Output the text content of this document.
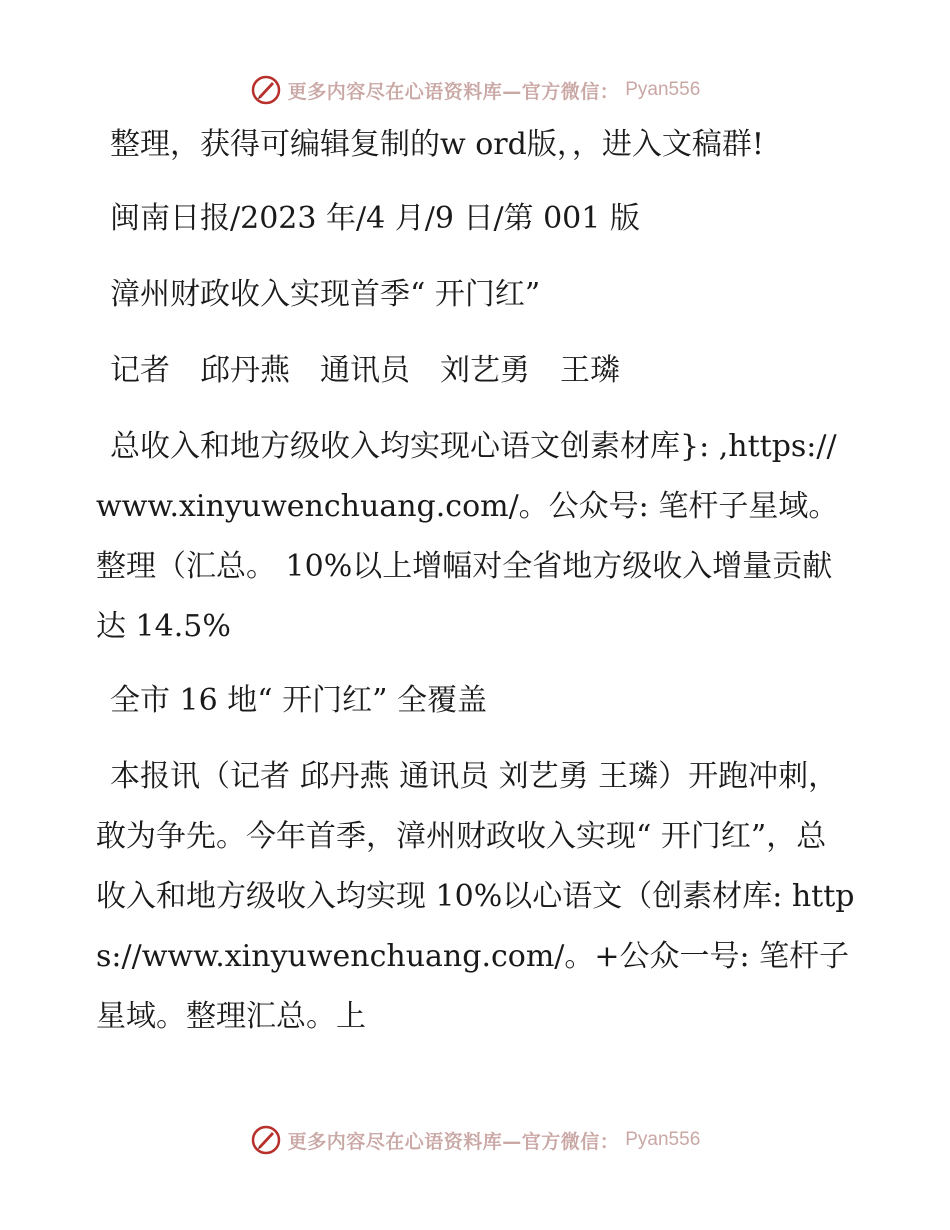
更多内容尽在心语资料库—官方微信： Pyan556

整理，获得可编辑复制的w ord版，，进入文稿群!

闽南日报/2023 年/4 月/9 日/第 001 版

漳州财政收入实现首季“ 开门红”

记者　邱丹燕　通讯员　刘艺勇　王璘

总收入和地方级收入均实现心语文创素材库}: ,https://www.xinyuwenchuang.com/。公众号: 笔杆子星域。整理（汇总。 10%以上增幅对全省地方级收入增量贡献达 14.5%

全市 16 地“ 开门红” 全覆盖

本报讯（记者 邱丹燕 通讯员 刘艺勇 王璘）开跑冲刺，敢为争先。今年首季，漳州财政收入实现“ 开门红”，总收入和地方级收入均实现 10%以心语文（创素材库: https://www.xinyuwenchuang.com/。+公众一号: 笔杆子星域。整理汇总。上

更多内容尽在心语资料库—官方微信： Pyan556
